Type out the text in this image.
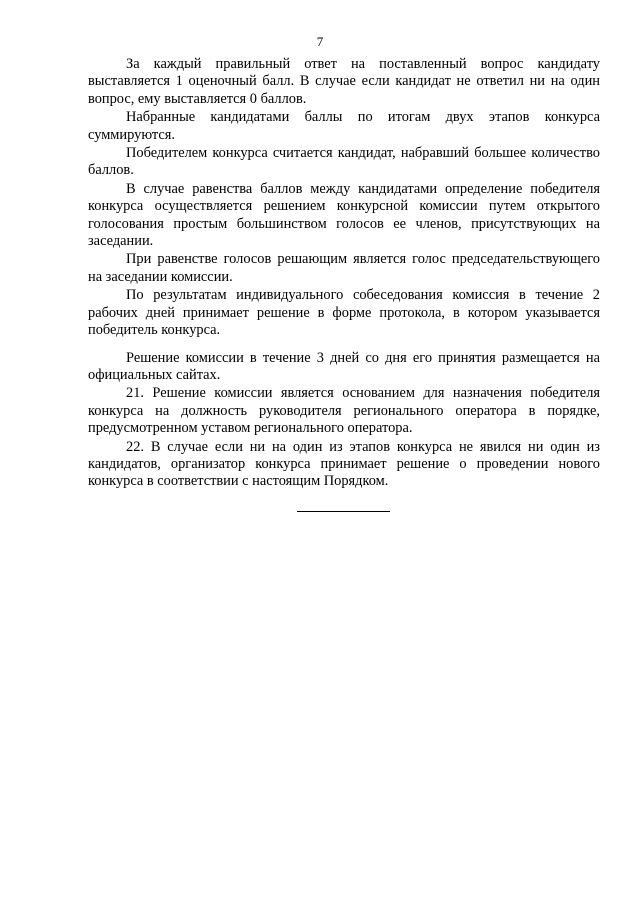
7

За каждый правильный ответ на поставленный вопрос кандидату выставляется 1 оценочный балл. В случае если кандидат не ответил ни на один вопрос, ему выставляется 0 баллов.

Набранные кандидатами баллы по итогам двух этапов конкурса суммируются.

Победителем конкурса считается кандидат, набравший большее количество баллов.

В случае равенства баллов между кандидатами определение победителя конкурса осуществляется решением конкурсной комиссии путем открытого голосования простым большинством голосов ее членов, присутствующих на заседании.

При равенстве голосов решающим является голос председательствующего на заседании комиссии.

По результатам индивидуального собеседования комиссия в течение 2 рабочих дней принимает решение в форме протокола, в котором указывается победитель конкурса.

Решение комиссии в течение 3 дней со дня его принятия размещается на официальных сайтах.

21. Решение комиссии является основанием для назначения победителя конкурса на должность руководителя регионального оператора в порядке, предусмотренном уставом регионального оператора.

22. В случае если ни на один из этапов конкурса не явился ни один из кандидатов, организатор конкурса принимает решение о проведении нового конкурса в соответствии с настоящим Порядком.
